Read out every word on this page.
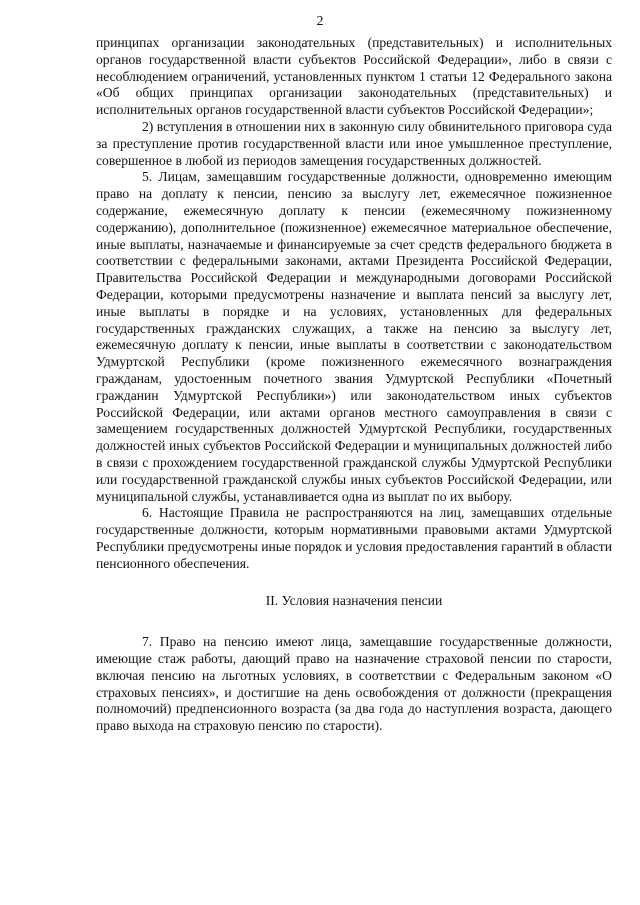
2

принципах организации законодательных (представительных) и исполнительных органов государственной власти субъектов Российской Федерации», либо в связи с несоблюдением ограничений, установленных пунктом 1 статьи 12 Федерального закона «Об общих принципах организации законодательных (представительных) и исполнительных органов государственной власти субъектов Российской Федерации»;

2) вступления в отношении них в законную силу обвинительного приговора суда за преступление против государственной власти или иное умышленное преступление, совершенное в любой из периодов замещения государственных должностей.

5. Лицам, замещавшим государственные должности, одновременно имеющим право на доплату к пенсии, пенсию за выслугу лет, ежемесячное пожизненное содержание, ежемесячную доплату к пенсии (ежемесячному пожизненному содержанию), дополнительное (пожизненное) ежемесячное материальное обеспечение, иные выплаты, назначаемые и финансируемые за счет средств федерального бюджета в соответствии с федеральными законами, актами Президента Российской Федерации, Правительства Российской Федерации и международными договорами Российской Федерации, которыми предусмотрены назначение и выплата пенсий за выслугу лет, иные выплаты в порядке и на условиях, установленных для федеральных государственных гражданских служащих, а также на пенсию за выслугу лет, ежемесячную доплату к пенсии, иные выплаты в соответствии с законодательством Удмуртской Республики (кроме пожизненного ежемесячного вознаграждения гражданам, удостоенным почетного звания Удмуртской Республики «Почетный гражданин Удмуртской Республики») или законодательством иных субъектов Российской Федерации, или актами органов местного самоуправления в связи с замещением государственных должностей Удмуртской Республики, государственных должностей иных субъектов Российской Федерации и муниципальных должностей либо в связи с прохождением государственной гражданской службы Удмуртской Республики или государственной гражданской службы иных субъектов Российской Федерации, или муниципальной службы, устанавливается одна из выплат по их выбору.

6. Настоящие Правила не распространяются на лиц, замещавших отдельные государственные должности, которым нормативными правовыми актами Удмуртской Республики предусмотрены иные порядок и условия предоставления гарантий в области пенсионного обеспечения.

II. Условия назначения пенсии

7. Право на пенсию имеют лица, замещавшие государственные должности, имеющие стаж работы, дающий право на назначение страховой пенсии по старости, включая пенсию на льготных условиях, в соответствии с Федеральным законом «О страховых пенсиях», и достигшие на день освобождения от должности (прекращения полномочий) предпенсионного возраста (за два года до наступления возраста, дающего право выхода на страховую пенсию по старости).
